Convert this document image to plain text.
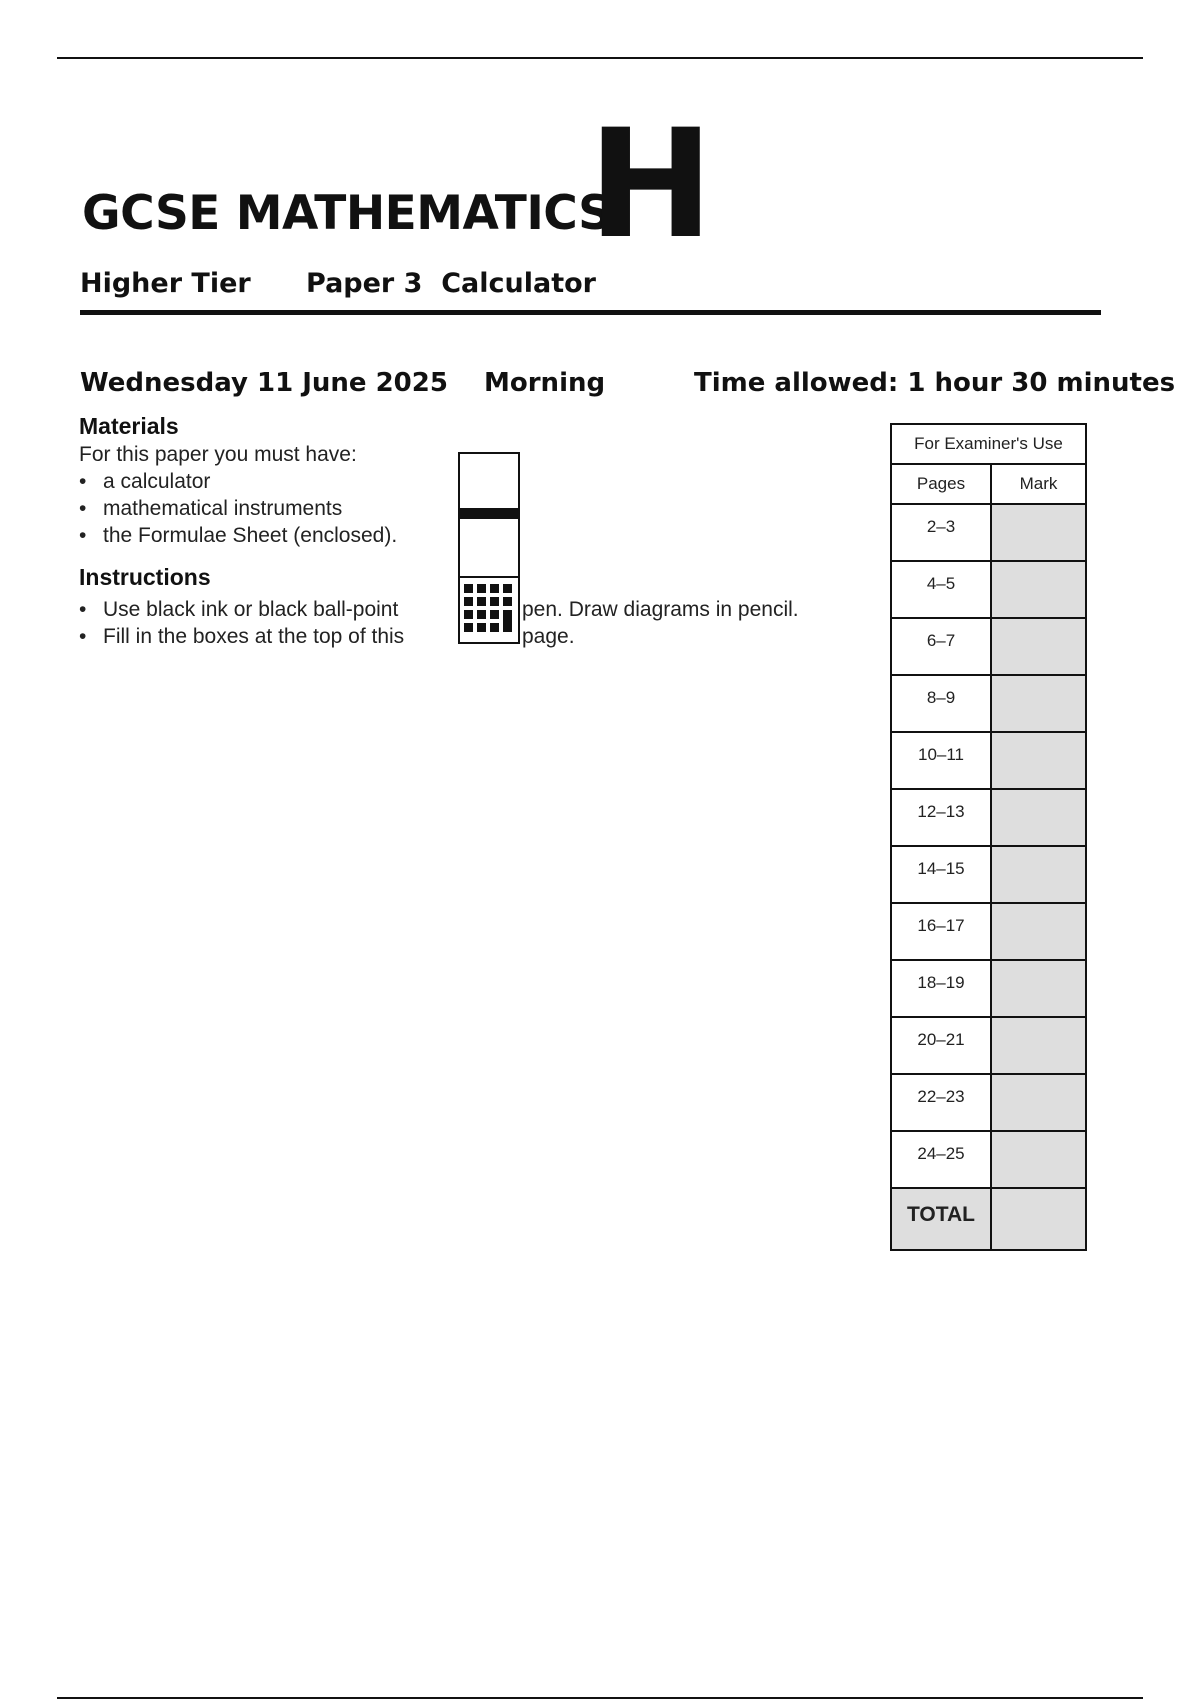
GCSE MATHEMATICS
H
Higher Tier Paper 3  Calculator
Wednesday 11 June 2025 Morning	Time allowed: 1 hour 30 minutes
Materials
For this paper you must have:
• a calculator
• mathematical instruments
• the Formulae Sheet (enclosed).
Instructions
• Use black ink or black ball-point
• Fill in the boxes at the top of this
pen. Draw diagrams in pencil.
page.
For Examiner's Use	
Pages	Mark
2–3	
4–5	
6–7	
8–9	
10–11	
12–13	
14–15	
16–17	
18–19	
20–21	
22–23	
24–25	
TOTAL	
